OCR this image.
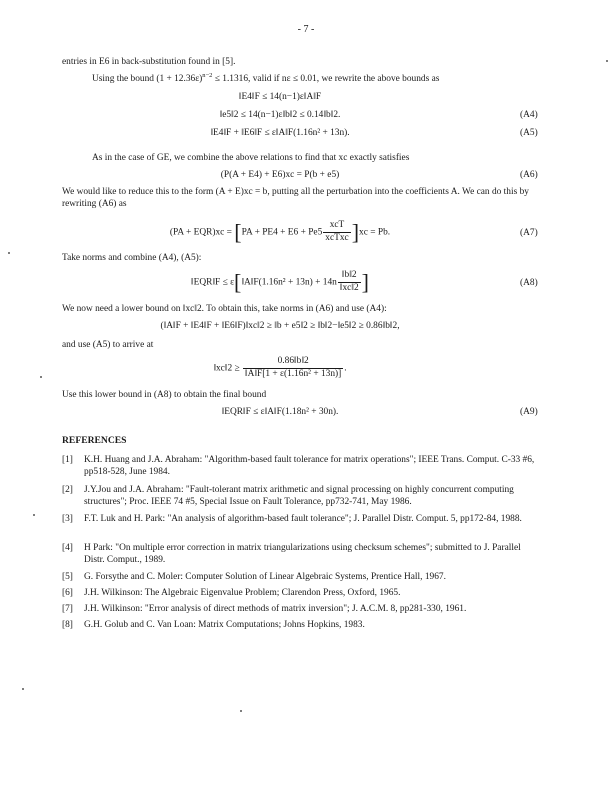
- 7 -
entries in E6 in back-substitution found in [5].
Using the bound $(1 + 12.36\varepsilon)^{n-2} \le 1.1316$, valid if nε ≤ 0.01, we rewrite the above bounds as
‖E4‖F ≤ 14(n−1)ε‖A‖F
‖e5‖2 ≤ 14(n−1)ε‖b‖2 ≤ 0.14‖b‖2.	(A4)
‖E4‖F + ‖E6‖F ≤ ε‖A‖F(1.16n² + 13n).	(A5)
As in the case of GE, we combine the above relations to find that xc exactly satisfies
(P(A + E4) + E6)xc = P(b + e5)	(A6)
We would like to reduce this to the form (A + E)xc = b, putting all the perturbation into the coefficients A. We can do this by rewriting (A6) as
$(PA + EQR)xc = [PA + PE4 + E6 + Pe5 \frac{\text{xcT}}{\text{xcTxc}} ]xc = Pb$.	(A7)
Take norms and combine (A4), (A5):
‖EQR‖F ≤ ε[‖A‖F(1.16n² + $13n) + 14n \frac{‖b‖2}{‖xc‖2}$ ]	(A8)
We now need a lower bound on ‖xc‖2. To obtain this, take norms in (A6) and use (A4):
(‖A‖F + ‖E4‖F + ‖E6‖F)‖xc‖2 ≥ ‖b + e5‖2 ≥ ‖b‖2−‖e5‖2 ≥ 0.86‖b‖2,
and use (A5) to arrive at
‖xc‖2 ≥ $\frac{0.86‖b‖2}{\text{‖A‖F[1 + ε(1.16n² + 13n)]}}$ .
Use this lower bound in (A8) to obtain the final bound
‖EQR‖F ≤ ε‖A‖F(1.18n² + 30n).	(A9)
REFERENCES
[1] K.H. Huang and J.A. Abraham: "Algorithm-based fault tolerance for matrix operations"; IEEE Trans. Comput. C-33 #6, pp518-528, June 1984.
[2] J.Y.Jou and J.A. Abraham: "Fault-tolerant matrix arithmetic and signal processing on highly concurrent computing structures"; Proc. IEEE 74 #5, Special Issue on Fault Tolerance, pp732-741, May 1986.
[3] F.T. Luk and H. Park: "An analysis of algorithm-based fault tolerance"; J. Parallel Distr. Comput. 5, pp172-84, 1988.
[4] H Park: "On multiple error correction in matrix triangularizations using checksum schemes"; submitted to J. Parallel Distr. Comput., 1989.
[5] G. Forsythe and C. Moler: Computer Solution of Linear Algebraic Systems, Prentice Hall, 1967.
[6] J.H. Wilkinson: The Algebraic Eigenvalue Problem; Clarendon Press, Oxford, 1965.
[7] J.H. Wilkinson: "Error analysis of direct methods of matrix inversion"; J. A.C.M. 8, pp281-330, 1961.
[8] G.H. Golub and C. Van Loan: Matrix Computations; Johns Hopkins, 1983.
